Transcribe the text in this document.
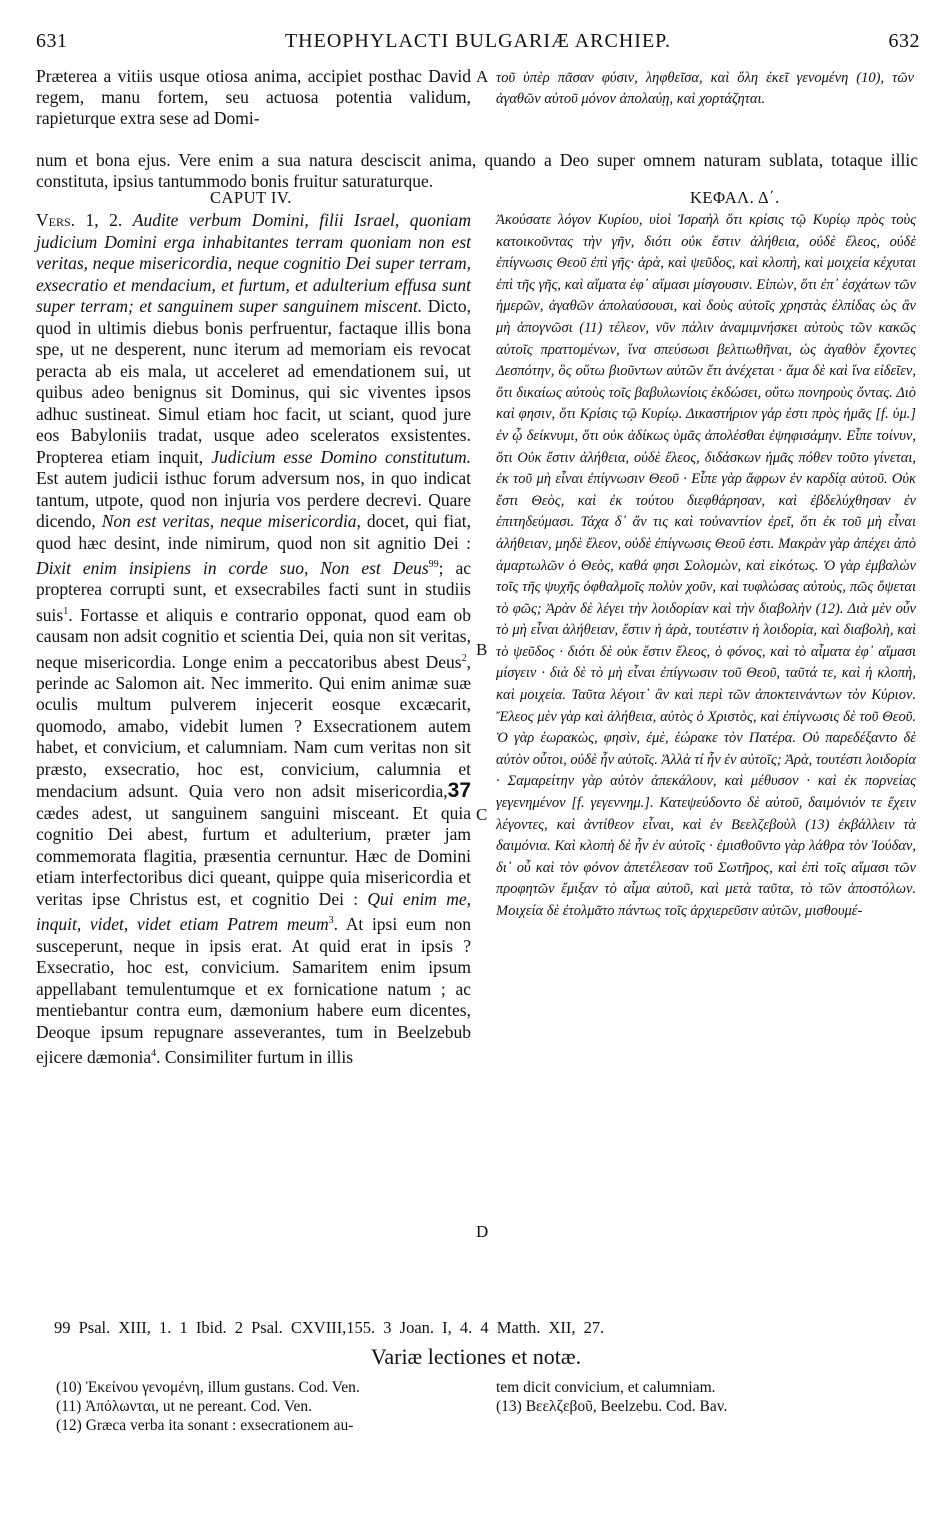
631	THEOPHYLACTI BULGARIÆ ARCHIEP.	632
Præterea a vitiis usque otiosa anima, accipiet posthac David regem, manu fortem, seu actuosa potentia validum, rapieturque extra sese ad Domi-
A τοῦ ὑπὲρ πᾶσαν φύσιν, ληφθεῖσα, καὶ ὅλη ἐκεῖ γενομένη (10), τῶν ἀγαθῶν αὐτοῦ μόνον ἀπολαύῃ, καὶ χορτάζηται.
num et bona ejus. Vere enim a sua natura desciscit anima, quando a Deo super omnem naturam sublata, totaque illic constituta, ipsius tantummodo bonis fruitur saturaturque.
CAPUT IV.	ΚΕΦΑΛ. Δ΄.

Vers. 1, 2. Audite verbum Domini, filii Israel, quoniam judicium Domini erga inhabitantes terram quoniam non est veritas, neque misericordia, neque cognitio Dei super terram, exsecratio et mendacium, et furtum, et adulterium effusa sunt super terram; et sanguinem super sanguinem miscent. Dicto, quod in ultimis diebus bonis perfruentur, factaque illis bona spe, ut ne desperent, nunc iterum ad memoriam eis revocat peracta ab eis mala, ut acceleret ad emendationem sui, ut quibus adeo benignus sit Dominus, qui sic viventes ipsos adhuc sustineat. Simul etiam hoc facit, ut sciant, quod jure eos Babyloniis tradat, usque adeo sceleratos exsistentes. Propterea etiam inquit, Judicium esse Domino constitutum. Est autem judicii isthuc forum adversum nos, in quo indicat tantum, utpote, quod non injuria vos perdere decrevi. Quare dicendo, Non est veritas, neque misericordia, docet, qui fiat, quod hæc desint, inde nimirum, quod non sit agnitio Dei : Dixit enim insipiens in corde suo, Non est Deus$^{99}$; ac propterea corrupti sunt, et exsecrabiles facti sunt in studiis suis$^1$. Fortasse et aliquis e contrario opponat, quod eam ob causam non adsit cognitio et scientia Dei, quia non sit veritas, neque misericordia. Longe enim a peccatoribus abest Deus$^2$, perinde ac Salomon ait. Nec immerito. Qui enim animæ suæ oculis multum pulverem injecerit eosque excæcarit, quomodo, amabo, videbit lumen ? Exsecrationem autem habet, et convicium, et calumniam. Nam cum veritas non sit præsto, exsecratio, hoc est, convicium, calumnia et mendacium adsunt. Quia vero non adsit misericordia,37 cædes adest, ut sanguinem sanguini misceant. Et quia cognitio Dei abest, furtum et adulterium, præter jam commemorata flagitia, præsentia cernuntur. Hæc de Domini etiam interfectoribus dici queant, quippe quia misericordia et veritas ipse Christus est, et cognitio Dei : Qui enim me, inquit, videt, videt etiam Patrem meum$^3$. At ipsi eum non susceperunt, neque in ipsis erat. At quid erat in ipsis ? Exsecratio, hoc est, convicium. Samaritem enim ipsum appellabant temulentumque et ex fornicatione natum ; ac mentiebantur contra eum, dæmonium habere eum dicentes, Deoque ipsum repugnare asseverantes, tum in Beelzebub ejicere dæmonia$^4$. Consimiliter furtum in illis

B
C
D

Ἀκούσατε λόγον Κυρίου, υἱοὶ Ἰσραὴλ ὅτι κρίσις τῷ Κυρίῳ πρὸς τοὺς κατοικοῦντας τὴν γῆν, διότι οὐκ ἔστιν ἀλήθεια, οὐδὲ ἔλεος, οὐδὲ ἐπίγνωσις Θεοῦ ἐπὶ γῆς· ἀρὰ, καὶ ψεῦδος, καὶ κλοπὴ, καὶ μοιχεία κέχυται ἐπὶ τῆς γῆς, καὶ αἵματα ἐφ᾽ αἵμασι μίσγουσιν. Εἰπὼν, ὅτι ἐπ᾽ ἐσχάτων τῶν ἡμερῶν, ἀγαθῶν ἀπολαύσουσι, καὶ δοὺς αὐτοῖς χρηστὰς ἐλπίδας ὡς ἂν μὴ ἀπογνῶσι (11) τέλεον, νῦν πάλιν ἀναμιμνήσκει αὐτοὺς τῶν κακῶς αὐτοῖς πραττομένων, ἵνα σπεύσωσι βελτιωθῆναι, ὡς ἀγαθὸν ἔχοντες Δεσπότην, ὃς οὕτω βιοῦντων αὐτῶν ἔτι ἀνέχεται · ἅμα δὲ καὶ ἵνα εἰδεῖεν, ὅτι δικαίως αὐτοὺς τοῖς βαβυλωνίοις ἐκδώσει, οὕτω πονηροὺς ὄντας. Διὸ καὶ φησιν, ὅτι Κρίσις τῷ Κυρίῳ. Δικαστήριον γάρ ἐστι πρὸς ἡμᾶς [f. ὑμ.] ἐν ᾧ δείκνυμι, ὅτι οὐκ ἀδίκως ὑμᾶς ἀπολέσθαι ἐψηφισάμην. Εἶπε τοίνυν, ὅτι Οὐκ ἔστιν ἀλήθεια, οὐδὲ ἔλεος, διδάσκων ἡμᾶς πόθεν τοῦτο γίνεται, ἐκ τοῦ μὴ εἶναι ἐπίγνωσιν Θεοῦ · Εἶπε γὰρ ἄφρων ἐν καρδίᾳ αὐτοῦ. Οὐκ ἔστι Θεὸς, καὶ ἐκ τούτου διεφθάρησαν, καὶ ἐβδελύχθησαν ἐν ἐπιτηδεύμασι. Τάχα δ᾽ ἄν τις καὶ τοὐναντίον ἐρεῖ, ὅτι ἐκ τοῦ μὴ εἶναι ἀλήθειαν, μηδὲ ἔλεον, οὐδὲ ἐπίγνωσις Θεοῦ ἐστι. Μακρὰν γὰρ ἀπέχει ἀπὸ ἁμαρτωλῶν ὁ Θεὸς, καθά φησι Σολομὼν, καὶ εἰκότως. Ὁ γὰρ ἐμβαλὼν τοῖς τῆς ψυχῆς ὀφθαλμοῖς πολὺν χοῦν, καὶ τυφλώσας αὐτοὺς, πῶς ὄψεται τὸ φῶς; Ἀρὰν δὲ λέγει τὴν λοιδορίαν καὶ τὴν διαβολὴν (12). Διὰ μὲν οὖν τὸ μὴ εἶναι ἀλήθειαν, ἔστιν ἡ ἀρὰ, τουτέστιν ἡ λοιδορία, καὶ διαβολὴ, καὶ τὸ ψεῦδος · διότι δὲ οὐκ ἔστιν ἔλεος, ὁ φόνος, καὶ τὸ αἷματα ἐφ᾽ αἵμασι μίσγειν · διὰ δὲ τὸ μὴ εἶναι ἐπίγνωσιν τοῦ Θεοῦ, ταῦτά τε, καὶ ἡ κλοπὴ, καὶ μοιχεία. Ταῦτα λέγοιτ᾽ ἂν καὶ περὶ τῶν ἀποκτεινάντων τὸν Κύριον. Ἔλεος μὲν γὰρ καὶ ἀλήθεια, αὐτὸς ὁ Χριστὸς, καὶ ἐπίγνωσις δὲ τοῦ Θεοῦ. Ὁ γὰρ ἑωρακὼς, φησὶν, ἐμὲ, ἑώρακε τὸν Πατέρα. Οὐ παρεδέξαντο δὲ αὐτὸν οὗτοι, οὐδὲ ἦν αὐτοῖς. Ἀλλὰ τί ἦν ἐν αὐτοῖς; Ἀρὰ, τουτέστι λοιδορία · Σαμαρείτην γὰρ αὐτὸν ἀπεκάλουν, καὶ μέθυσον · καὶ ἐκ πορνείας γεγενημένον [f. γεγεννημ.]. Κατεψεύδοντο δὲ αὐτοῦ, δαιμόνιόν τε ἔχειν λέγοντες, καὶ ἀντίθεον εἶναι, καὶ ἐν Βεελζεβοὺλ (13) ἐκβάλλειν τὰ δαιμόνια. Καὶ κλοπὴ δὲ ἦν ἐν αὐτοῖς · ἐμισθοῦντο γὰρ λάθρα τὸν Ἰούδαν, δι᾽ οὗ καὶ τὸν φόνον ἀπετέλεσαν τοῦ Σωτῆρος, καὶ ἐπὶ τοῖς αἵμασι τῶν προφητῶν ἔμιξαν τὸ αἷμα αὐτοῦ, καὶ μετὰ ταῦτα, τὸ τῶν ἀποστόλων. Μοιχεία δὲ ἐτολμᾶτο πάντως τοῖς ἀρχιερεῦσιν αὐτῶν, μισθουμέ-

99 Psal. XIII, 1. 1 Ibid. 2 Psal. CXVIII,155. 3 Joan. I, 4. 4 Matth. XII, 27.
Variæ lectiones et notæ.
(10) Ἐκείνου γενομένη, illum gustans. Cod. Ven.
(11) Ἀπόλωνται, ut ne pereant. Cod. Ven.
(12) Græca verba ita sonant : exsecrationem au-
tem dicit convicium, et calumniam.
(13) Βεελζεβοῦ, Beelzebu. Cod. Bav.
